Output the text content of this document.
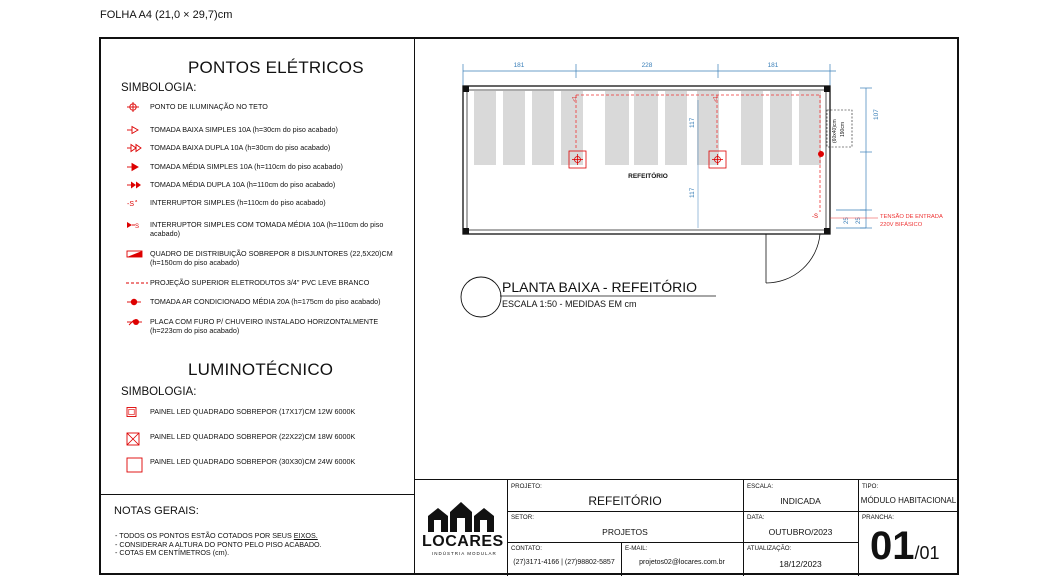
FOLHA A4 (21,0 × 29,7)cm
PONTOS ELÉTRICOS
SIMBOLOGIA:
PONTO DE ILUMINAÇÃO NO TETO
TOMADA BAIXA SIMPLES 10A (h=30cm do piso acabado)
TOMADA BAIXA DUPLA 10A (h=30cm do piso acabado)
TOMADA MÉDIA SIMPLES 10A (h=110cm do piso acabado)
TOMADA MÉDIA DUPLA 10A (h=110cm do piso acabado)
-S
a INTERRUPTOR SIMPLES (h=110cm do piso acabado)
S INTERRUPTOR SIMPLES COM TOMADA MÉDIA 10A (h=110cm do piso acabado)
QUADRO DE DISTRIBUIÇÃO SOBREPOR 8 DISJUNTORES (22,5X20)CM (h=150cm do piso acabado)
PROJEÇÃO SUPERIOR ELETRODUTOS 3/4" PVC LEVE BRANCO
TOMADA AR CONDICIONADO MÉDIA 20A (h=175cm do piso acabado)
PLACA COM FURO P/ CHUVEIRO INSTALADO HORIZONTALMENTE (h=223cm do piso acabado)
LUMINOTÉCNICO
SIMBOLOGIA:
PAINEL LED QUADRADO SOBREPOR (17X17)CM 12W 6000K
PAINEL LED QUADRADO SOBREPOR (22X22)CM 18W 6000K
PAINEL LED QUADRADO SOBREPOR (30X30)CM 24W 6000K
NOTAS GERAIS:
- TODOS OS PONTOS ESTÃO COTADOS POR SEUS EIXOS.
- CONSIDERAR A ALTURA DO PONTO PELO PISO ACABADO.
- COTAS EM CENTÍMETROS (cm).
181	228	181
107
25 25
▽	▽
-S
(60x40)cm 190cm
117
117
REFEITÓRIO
TENSÃO DE ENTRADA
220V BIFÁSICO
PLANTA BAIXA - REFEITÓRIO
ESCALA 1:50 - MEDIDAS EM cm
LOCARES
INDÚSTRIA MODULAR
PROJETO:
REFEITÓRIO
ESCALA:
INDICADA
TIPO:
MÓDULO HABITACIONAL
SETOR:
PROJETOS
DATA:
OUTUBRO/2023
PRANCHA:
01/01
CONTATO:
(27)3171-4166 | (27)98802-5857
E-MAIL:
projetos02@locares.com.br
ATUALIZAÇÃO:
18/12/2023
